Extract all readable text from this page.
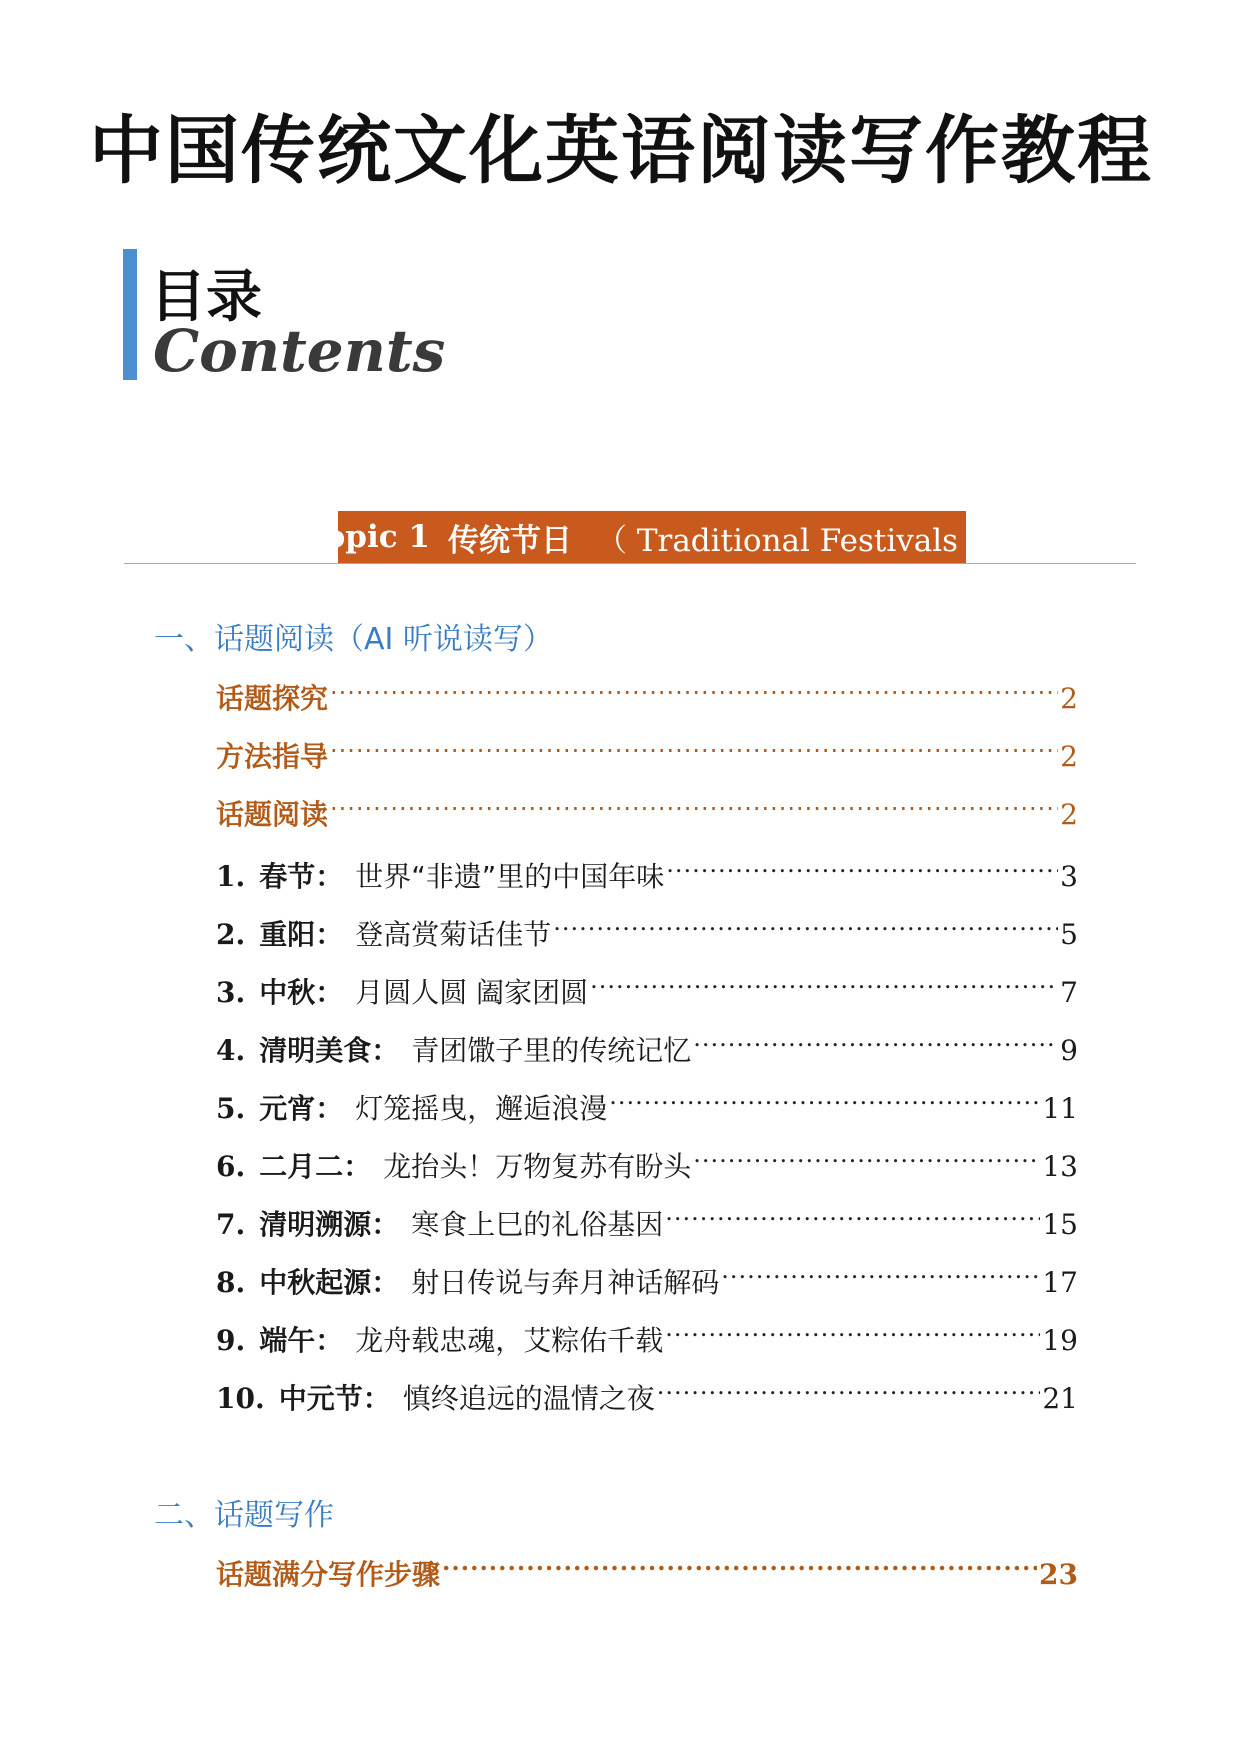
中国传统文化英语阅读写作教程
目录
Contents
Topic 1 传统节日 （ Traditional Festivals ）
一、话题阅读（AI 听说读写）
话题探究 .....	2
方法指导 .....	2
话题阅读 .....	2
1. 春节： 世界“非遗”里的中国年味 .....	3
2. 重阳： 登高赏菊话佳节 .....	5
3. 中秋： 月圆人圆 阖家团圆 .....	7
4. 清明美食： 青团馓子里的传统记忆 .....	9
5. 元宵： 灯笼摇曳，邂逅浪漫 .....	11
6. 二月二： 龙抬头！万物复苏有盼头 .....	13
7. 清明溯源： 寒食上巳的礼俗基因 .....	15
8. 中秋起源： 射日传说与奔月神话解码 .....	17
9. 端午： 龙舟载忠魂，艾粽佑千载 .....	19
10. 中元节： 慎终追远的温情之夜 .....	21
二、话题写作
话题满分写作步骤 .....	23
